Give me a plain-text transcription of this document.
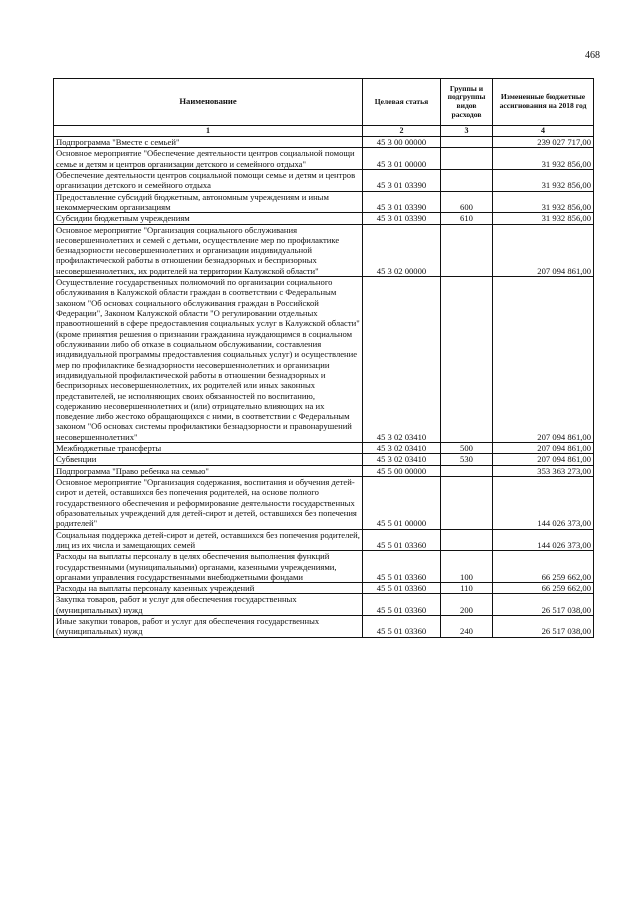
468
Наименование	Целевая статья	Группы и подгруппы видов расходов	Измененные бюджетные ассигнования на 2018 год
1	2	3	4
Подпрограмма "Вместе с семьей"	45 3 00 00000		239 027 717,00
Основное мероприятие "Обеспечение деятельности центров социальной помощи семье и детям и центров организации детского и семейного отдыха"	45 3 01 00000		31 932 856,00
Обеспечение деятельности центров социальной помощи семье и детям и центров организации детского и семейного отдыха	45 3 01 03390		31 932 856,00
Предоставление субсидий бюджетным, автономным учреждениям и иным некоммерческим организациям	45 3 01 03390	600	31 932 856,00
Субсидии бюджетным учреждениям	45 3 01 03390	610	31 932 856,00
Основное мероприятие "Организация социального обслуживания несовершеннолетних и семей с детьми, осуществление мер по профилактике безнадзорности несовершеннолетних и организации индивидуальной профилактической работы в отношении безнадзорных и беспризорных несовершеннолетних, их родителей на территории Калужской области"	45 3 02 00000		207 094 861,00
Осуществление государственных полномочий по организации социального обслуживания в Калужской области граждан в соответствии с Федеральным законом "Об основах социального обслуживания граждан в Российской Федерации", Законом Калужской области "О регулировании отдельных правоотношений в сфере предоставления социальных услуг в Калужской области" (кроме принятия решения о признании гражданина нуждающимся в социальном обслуживании либо об отказе в социальном обслуживании, составления индивидуальной программы предоставления социальных услуг) и осуществление мер по профилактике безнадзорности несовершеннолетних и организации индивидуальной профилактической работы в отношении безнадзорных и беспризорных несовершеннолетних, их родителей или иных законных представителей, не исполняющих своих обязанностей по воспитанию, содержанию несовершеннолетних и (или) отрицательно влияющих на их поведение либо жестоко обращающихся с ними, в соответствии с Федеральным законом "Об основах системы профилактики безнадзорности и правонарушений несовершеннолетних"	45 3 02 03410		207 094 861,00
Межбюджетные трансферты	45 3 02 03410	500	207 094 861,00
Субвенции	45 3 02 03410	530	207 094 861,00
Подпрограмма "Право ребенка на семью"	45 5 00 00000		353 363 273,00
Основное мероприятие "Организация содержания, воспитания и обучения детей-сирот и детей, оставшихся без попечения родителей, на основе полного государственного обеспечения и реформирование деятельности государственных образовательных учреждений для детей-сирот и детей, оставшихся без попечения родителей"	45 5 01 00000		144 026 373,00
Социальная поддержка детей-сирот и детей, оставшихся без попечения родителей, лиц из их числа и замещающих семей	45 5 01 03360		144 026 373,00
Расходы на выплаты персоналу в целях обеспечения выполнения функций государственными (муниципальными) органами, казенными учреждениями, органами управления государственными внебюджетными фондами	45 5 01 03360	100	66 259 662,00
Расходы на выплаты персоналу казенных учреждений	45 5 01 03360	110	66 259 662,00
Закупка товаров, работ и услуг для обеспечения государственных (муниципальных) нужд	45 5 01 03360	200	26 517 038,00
Иные закупки товаров, работ и услуг для обеспечения государственных (муниципальных) нужд	45 5 01 03360	240	26 517 038,00
